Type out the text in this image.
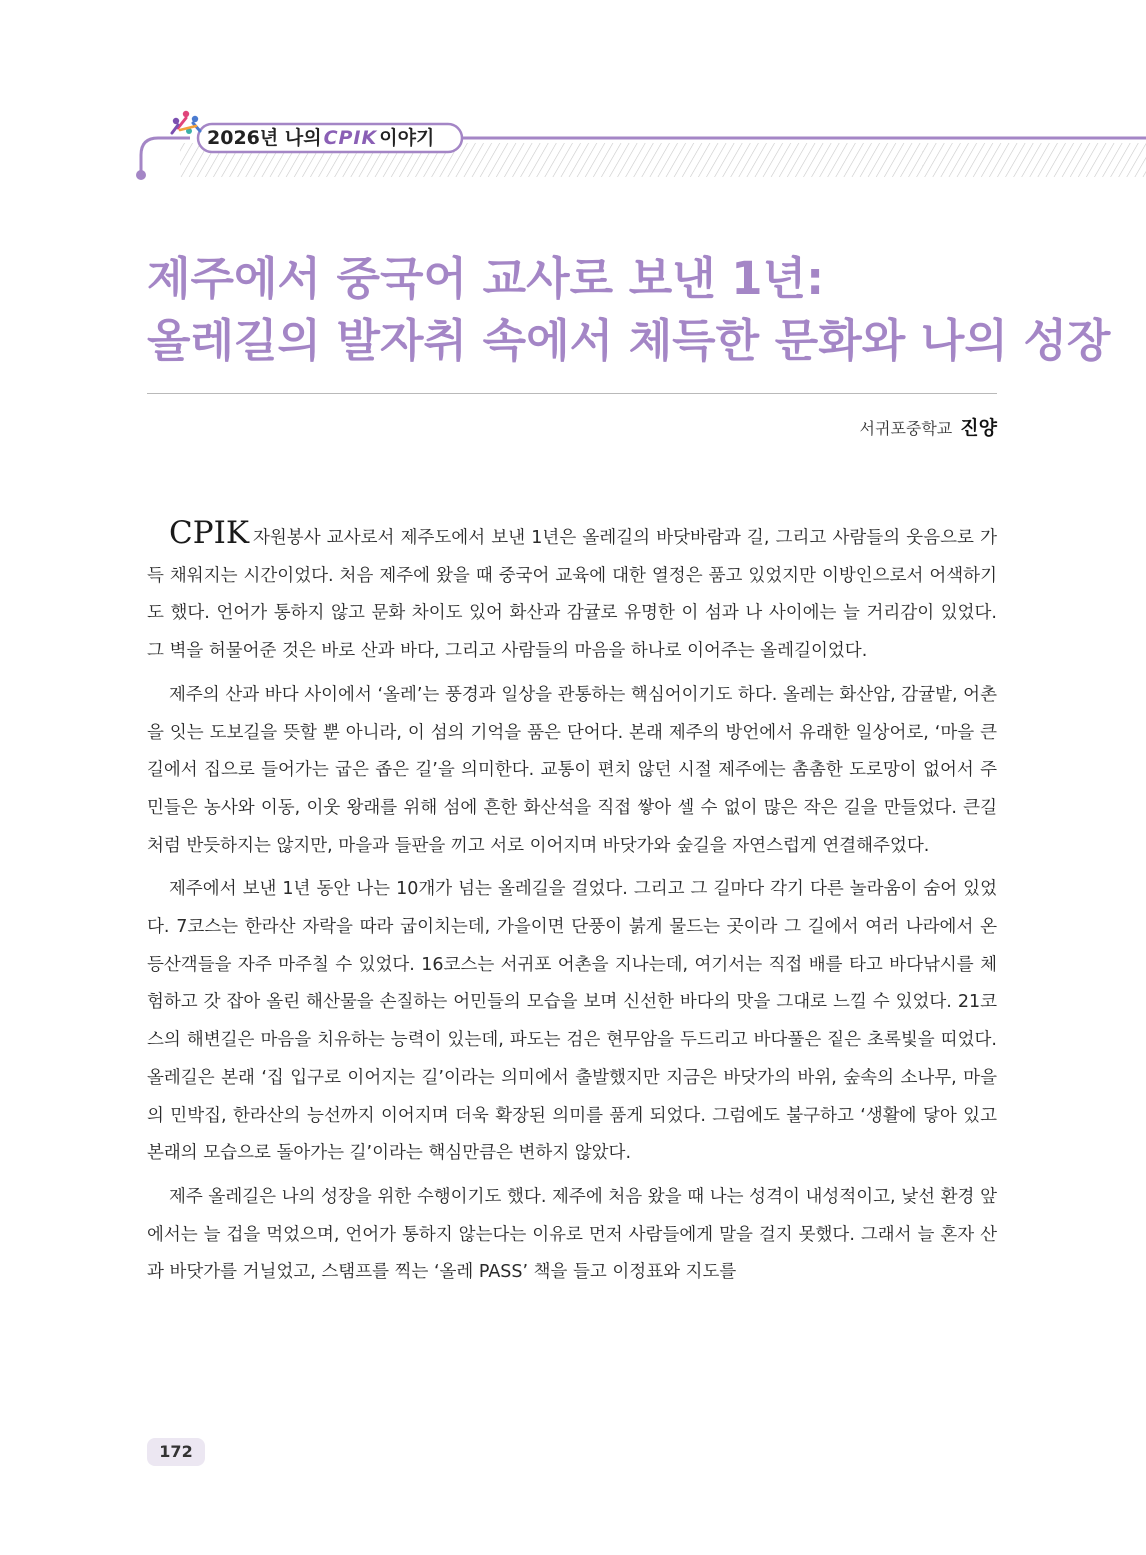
2026년 나의 CPIK 이야기
제주에서 중국어 교사로 보낸 1년:
올레길의 발자취 속에서 체득한 문화와 나의 성장
서귀포중학교 진양

CPIK 자원봉사 교사로서 제주도에서 보낸 1년은 올레길의 바닷바람과 길, 그리고 사람들의 웃음으로 가득 채워지는 시간이었다. 처음 제주에 왔을 때 중국어 교육에 대한 열정은 품고 있었지만 이방인으로서 어색하기도 했다. 언어가 통하지 않고 문화 차이도 있어 화산과 감귤로 유명한 이 섬과 나 사이에는 늘 거리감이 있었다. 그 벽을 허물어준 것은 바로 산과 바다, 그리고 사람들의 마음을 하나로 이어주는 올레길이었다.

제주의 산과 바다 사이에서 ‘올레’는 풍경과 일상을 관통하는 핵심어이기도 하다. 올레는 화산암, 감귤밭, 어촌을 잇는 도보길을 뜻할 뿐 아니라, 이 섬의 기억을 품은 단어다. 본래 제주의 방언에서 유래한 일상어로, ‘마을 큰길에서 집으로 들어가는 굽은 좁은 길’을 의미한다. 교통이 편치 않던 시절 제주에는 촘촘한 도로망이 없어서 주민들은 농사와 이동, 이웃 왕래를 위해 섬에 흔한 화산석을 직접 쌓아 셀 수 없이 많은 작은 길을 만들었다. 큰길처럼 반듯하지는 않지만, 마을과 들판을 끼고 서로 이어지며 바닷가와 숲길을 자연스럽게 연결해주었다.

제주에서 보낸 1년 동안 나는 10개가 넘는 올레길을 걸었다. 그리고 그 길마다 각기 다른 놀라움이 숨어 있었다. 7코스는 한라산 자락을 따라 굽이치는데, 가을이면 단풍이 붉게 물드는 곳이라 그 길에서 여러 나라에서 온 등산객들을 자주 마주칠 수 있었다. 16코스는 서귀포 어촌을 지나는데, 여기서는 직접 배를 타고 바다낚시를 체험하고 갓 잡아 올린 해산물을 손질하는 어민들의 모습을 보며 신선한 바다의 맛을 그대로 느낄 수 있었다. 21코스의 해변길은 마음을 치유하는 능력이 있는데, 파도는 검은 현무암을 두드리고 바다풀은 짙은 초록빛을 띠었다. 올레길은 본래 ‘집 입구로 이어지는 길’이라는 의미에서 출발했지만 지금은 바닷가의 바위, 숲속의 소나무, 마을의 민박집, 한라산의 능선까지 이어지며 더욱 확장된 의미를 품게 되었다. 그럼에도 불구하고 ‘생활에 닿아 있고 본래의 모습으로 돌아가는 길’이라는 핵심만큼은 변하지 않았다.

제주 올레길은 나의 성장을 위한 수행이기도 했다. 제주에 처음 왔을 때 나는 성격이 내성적이고, 낯선 환경 앞에서는 늘 겁을 먹었으며, 언어가 통하지 않는다는 이유로 먼저 사람들에게 말을 걸지 못했다. 그래서 늘 혼자 산과 바닷가를 거닐었고, 스탬프를 찍는 ‘올레 PASS’ 책을 들고 이정표와 지도를

172
